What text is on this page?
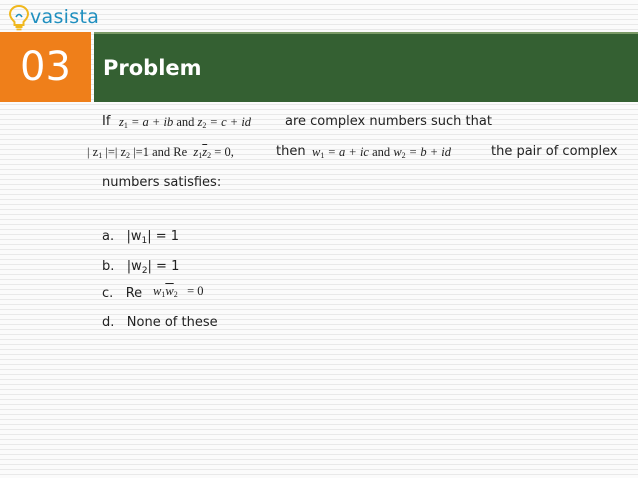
vasista
03 Problem
If $z_1 = a$ + ib and $z_2 = c$ + id	are complex numbers such that
| $z_1$ |=| $z_2$ |=1 and Re $z_1\overline{z}_2 = 0$,	then $w_1 = a$ + ic and $w_2 = b$ + id	the pair of complex
numbers satisfies:
a. $|w_1| = 1$
b. $|w_2| = 1$
c. Re $w_1\overline{w}_2 = 0$
d. None of these
